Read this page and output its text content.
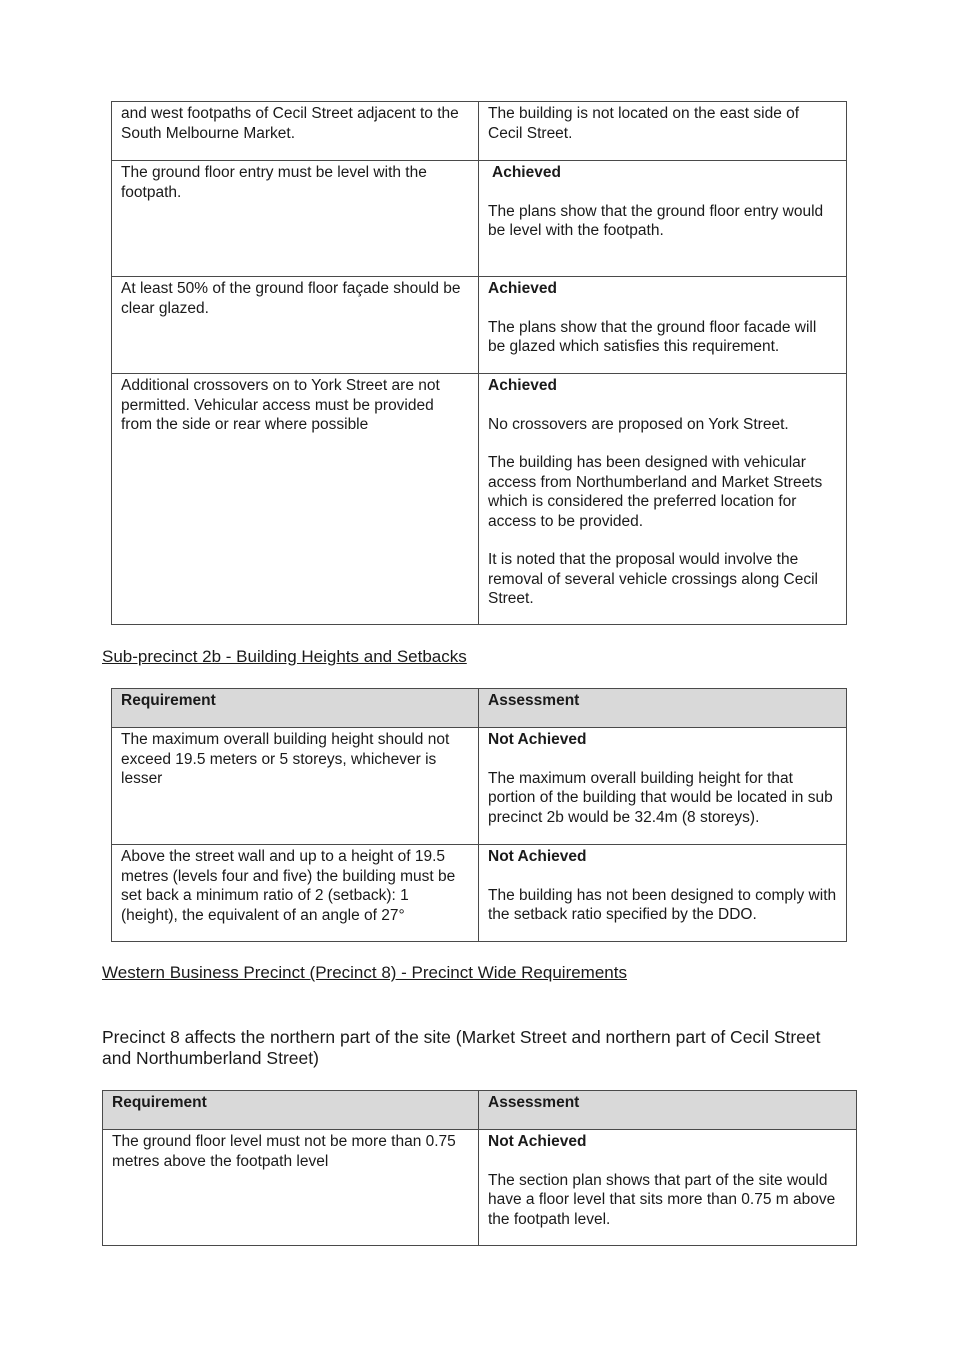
and west footpaths of Cecil Street adjacent to the South Melbourne Market.	The building is not located on the east side of Cecil Street.

The ground floor entry must be level with the footpath.	Achieved

The plans show that the ground floor entry would be level with the footpath.

At least 50% of the ground floor façade should be clear glazed.	Achieved

The plans show that the ground floor facade will be glazed which satisfies this requirement.

Additional crossovers on to York Street are not permitted. Vehicular access must be provided from the side or rear where possible	Achieved

No crossovers are proposed on York Street.

The building has been designed with vehicular access from Northumberland and Market Streets which is considered the preferred location for access to be provided.

It is noted that the proposal would involve the removal of several vehicle crossings along Cecil Street.

Sub-precinct 2b - Building Heights and Setbacks

Requirement	Assessment
The maximum overall building height should not exceed 19.5 meters or 5 storeys, whichever is lesser	Not Achieved

The maximum overall building height for that portion of the building that would be located in sub precinct 2b would be 32.4m (8 storeys).

Above the street wall and up to a height of 19.5 metres (levels four and five) the building must be set back a minimum ratio of 2 (setback): 1 (height), the equivalent of an angle of 27°	Not Achieved

The building has not been designed to comply with the setback ratio specified by the DDO.

Western Business Precinct (Precinct 8) - Precinct Wide Requirements

Precinct 8 affects the northern part of the site (Market Street and northern part of Cecil Street and Northumberland Street)

Requirement	Assessment
The ground floor level must not be more than 0.75 metres above the footpath level	Not Achieved

The section plan shows that part of the site would have a floor level that sits more than 0.75 m above the footpath level.
